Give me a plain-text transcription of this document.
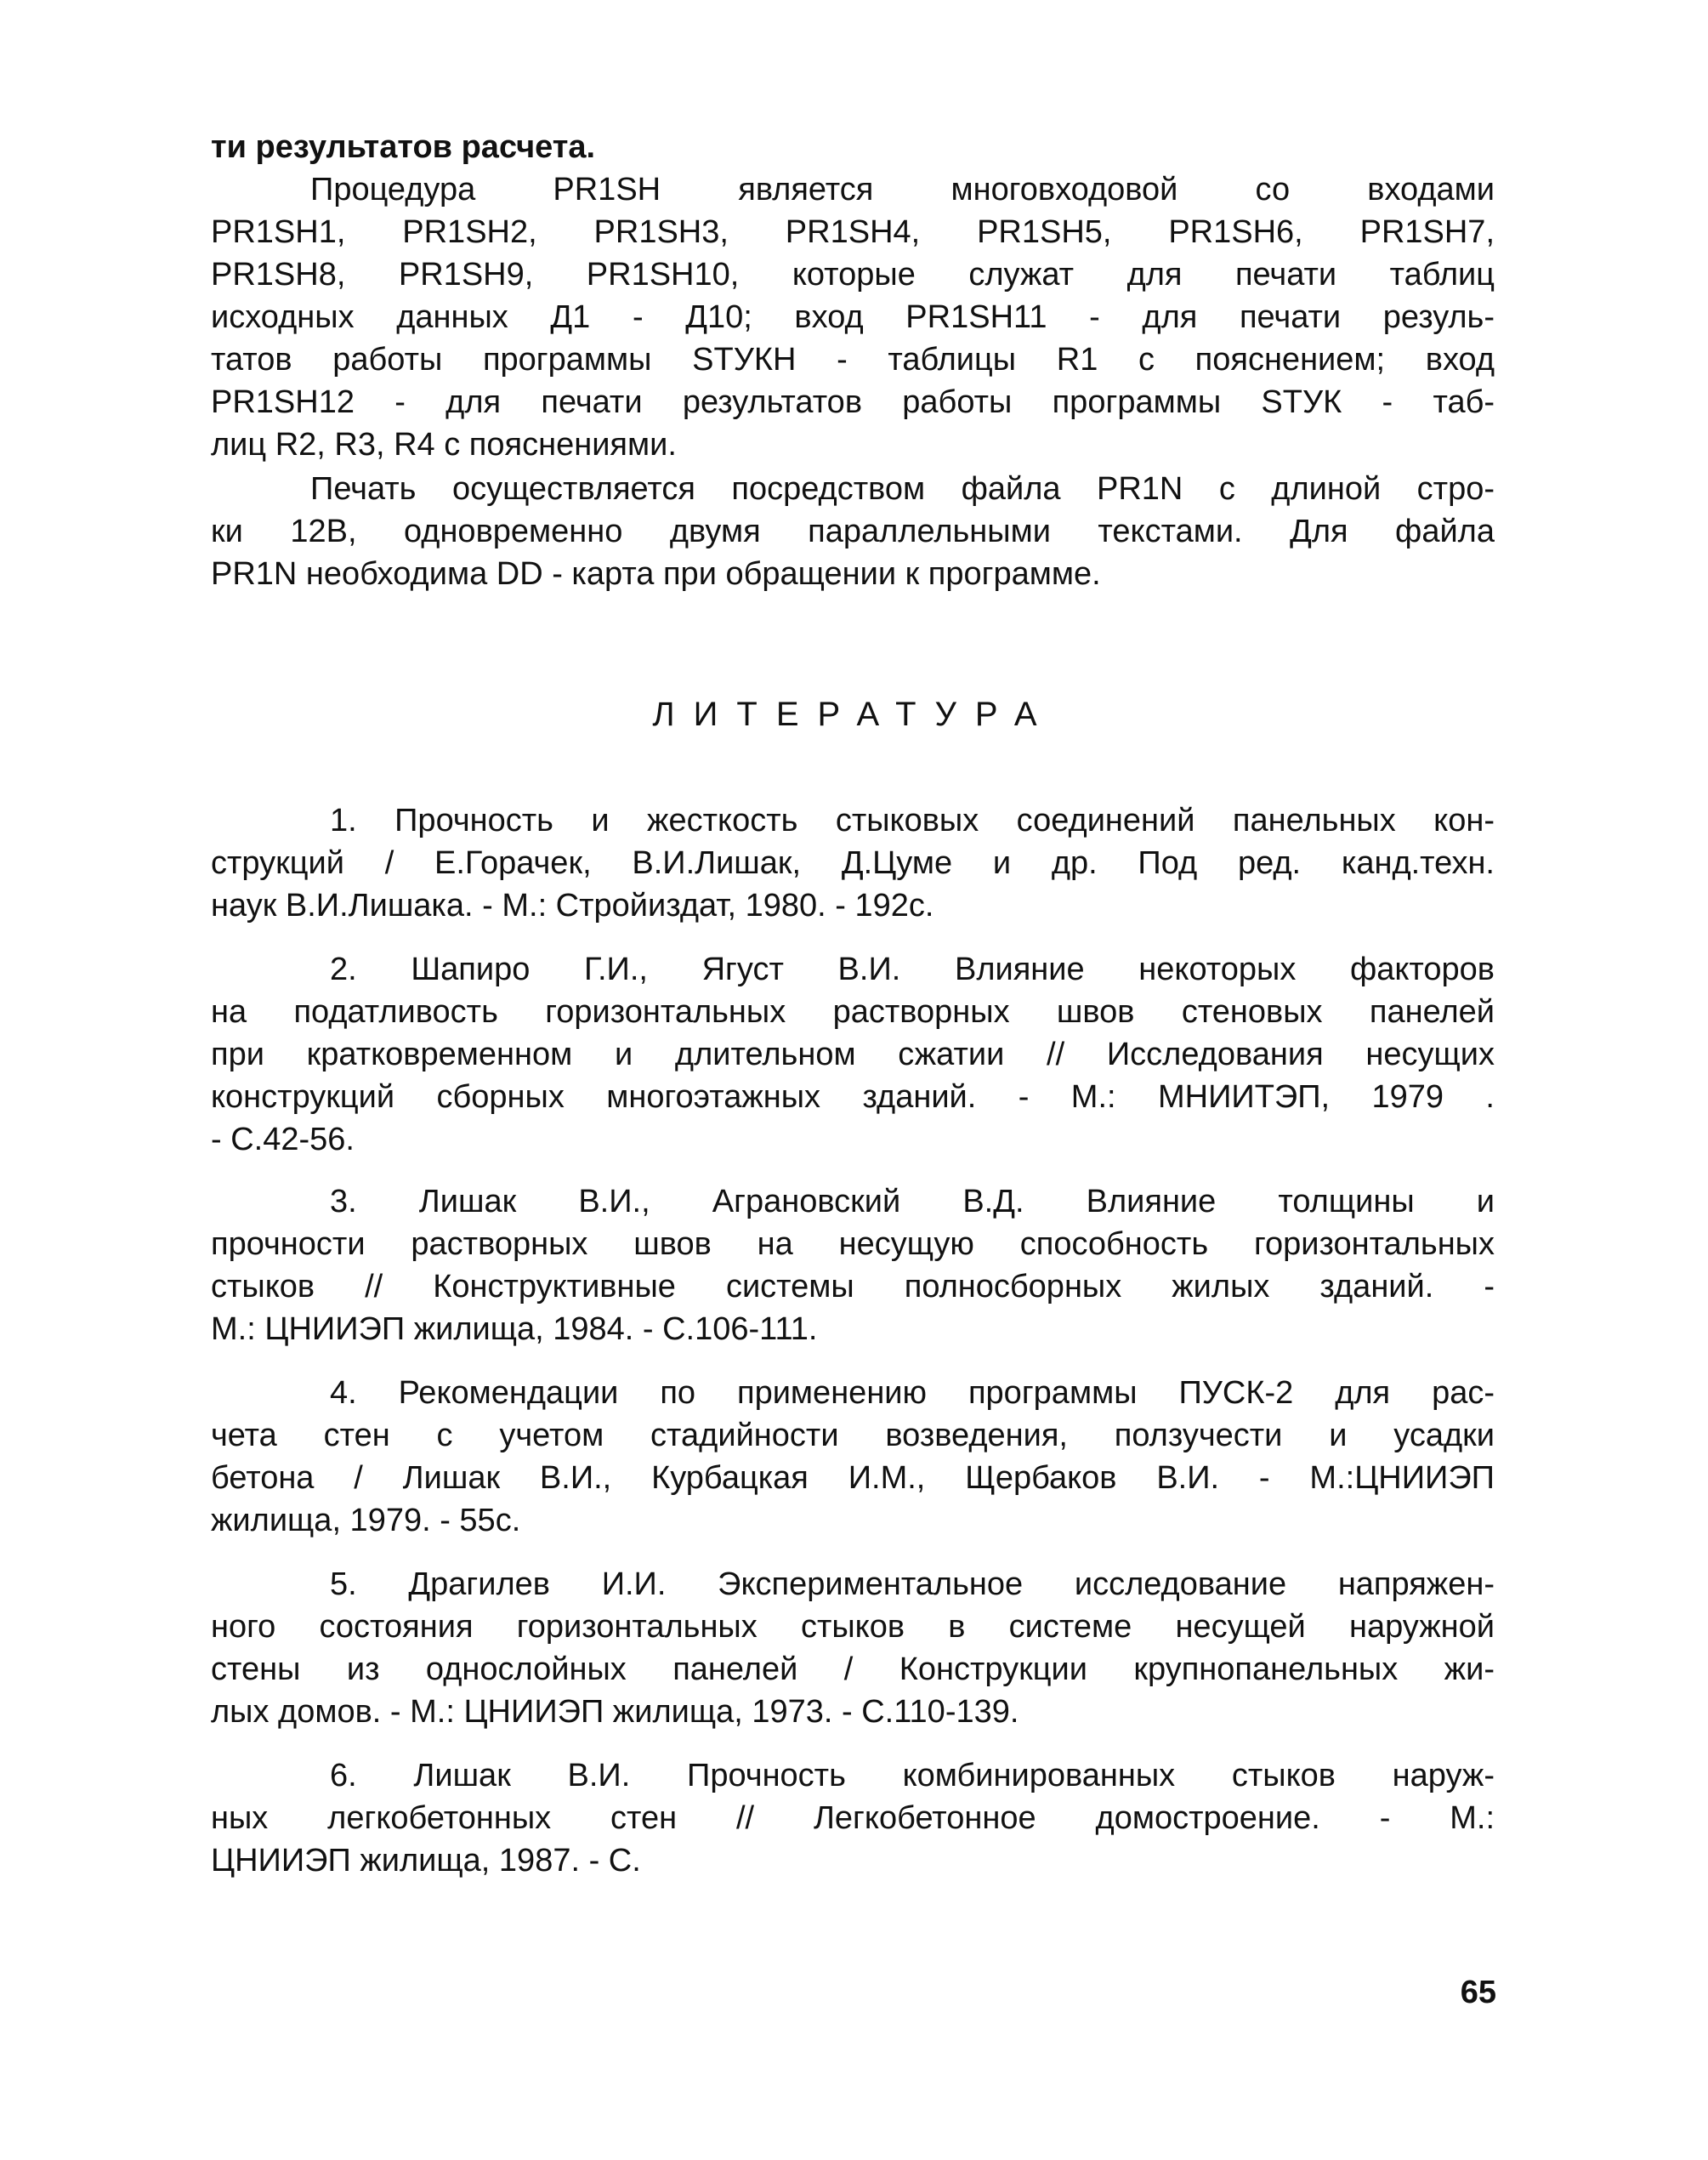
ти результатов расчета.
Процедура PR1SH является многовходовой со входами
PR1SH1, PR1SH2, PR1SH3, PR1SH4, PR1SH5, PR1SH6, PR1SH7,
PR1SH8, PR1SH9, PR1SH10, которые служат для печати таблиц
исходных данных Д1 - Д10; вход PR1SH11 - для печати резуль-
татов работы программы STУКН - таблицы R1 с пояснением; вход
PR1SH12 - для печати результатов работы программы STУК - таб-
лиц R2, R3, R4 с пояснениями.
Печать осуществляется посредством файла PR1N с длиной стро-
ки 12В, одновременно двумя параллельными текстами. Для файла
PR1N необходима DD - карта при обращении к программе.
ЛИТЕРАТУРА
1. Прочность и жесткость стыковых соединений панельных кон-
струкций / Е.Горачек, В.И.Лишак, Д.Цуме и др. Под ред. канд.техн.
наук В.И.Лишака. - М.: Стройиздат, 1980. - 192с.
2. Шапиро Г.И., Ягуст В.И. Влияние некоторых факторов
на податливость горизонтальных растворных швов стеновых панелей
при кратковременном и длительном сжатии // Исследования несущих
конструкций сборных многоэтажных зданий. - М.: МНИИТЭП, 1979 .
- С.42-56.
3. Лишак В.И., Аграновский В.Д. Влияние толщины и
прочности растворных швов на несущую способность горизонтальных
стыков // Конструктивные системы полносборных жилых зданий. -
М.: ЦНИИЭП жилища, 1984. - С.106-111.
4. Рекомендации по применению программы ПУСК-2 для рас-
чета стен с учетом стадийности возведения, ползучести и усадки
бетона / Лишак В.И., Курбацкая И.М., Щербаков В.И. - М.:ЦНИИЭП
жилища, 1979. - 55с.
5. Драгилев И.И. Экспериментальное исследование напряжен-
ного состояния горизонтальных стыков в системе несущей наружной
стены из однослойных панелей / Конструкции крупнопанельных жи-
лых домов. - М.: ЦНИИЭП жилища, 1973. - С.110-139.
6. Лишак В.И. Прочность комбинированных стыков наруж-
ных легкобетонных стен // Легкобетонное домостроение. - М.:
ЦНИИЭП жилища, 1987. - С.
65
